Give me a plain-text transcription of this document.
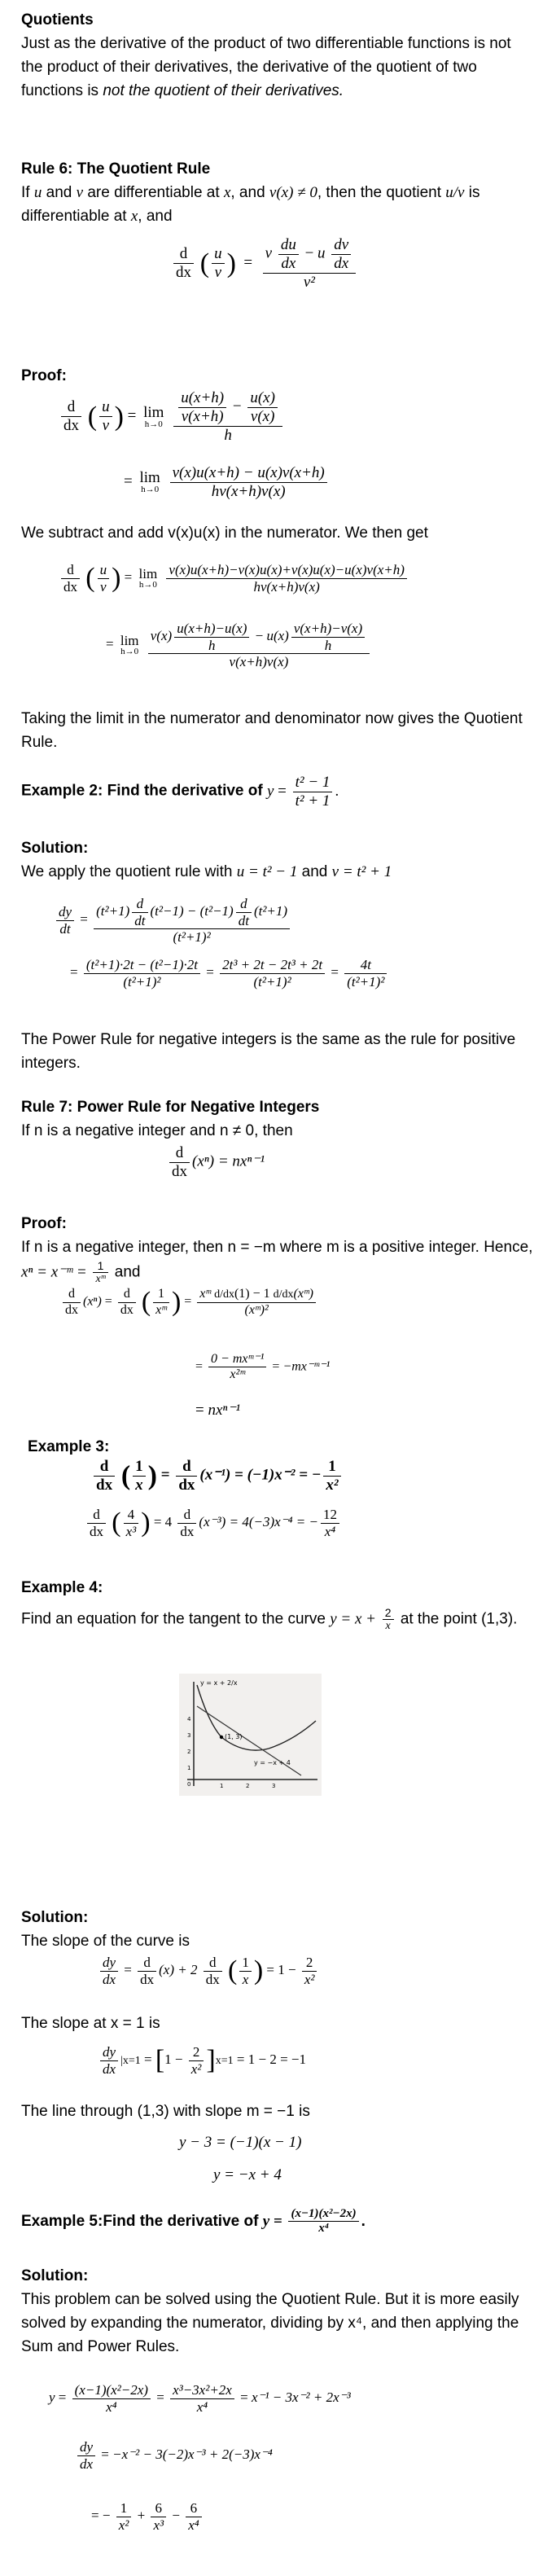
Quotients
Just as the derivative of the product of two differentiable functions is not the product of their derivatives, the derivative of the quotient of two functions is not the quotient of their derivatives.
Rule 6: The Quotient Rule
If u and v are differentiable at x, and v(x) ≠ 0, then the quotient u/v is differentiable at x, and
$\frac{d}{dx}$ ( $\frac{u}{v}$ )  =
v $\frac{du}{dx} - u \frac{dv}{dx}$
v²
Proof:
$\frac{d}{dx}$ ( $\frac{u}{v}$ ) = lim
h→0
$\frac{\frac{u(x+h)}{v(x+h)} - \frac{u(x)}{v(x)}}{h}$
= lim
h→0
$\frac{v(x)u(x+h) - u(x)v(x+h)}{hv(x+h)v(x)}$
We subtract and add v(x)u(x) in the numerator. We then get
$\frac{d}{dx}$ ( $\frac{u}{v}$ ) = lim
h→0
$\frac{v(x)u(x+h)-v(x)u(x)+v(x)u(x)-u(x)v(x+h)}{hv(x+h)v(x)}$
= lim
h→0
$\frac{v(x) \frac{u(x+h)-u(x)}{h} - u(x) \frac{v(x+h)-v(x)}{h}}{v(x+h)v(x)}$
Taking the limit in the numerator and denominator now gives the Quotient Rule.
Example 2: Find the derivative of $y = \frac{\text{t² − 1}}{\text{t² + 1}}$ .
Solution:
We apply the quotient rule with u = t² − 1 and v = t² + 1
$\frac{dy}{dt}$ =
$(t^2+1) \frac{d}{dt} (t^2-1) - (t^2-1) \frac{d}{dt} (t^2+1)$
(t²+1)²
= $\frac{\text{(t²+1)·2t − (t²−1)·2t}}{\text{(t²+1)²}} = \frac{\text{2t³ + 2t − 2t³ + 2t}}{\text{(t²+1)²}} = \frac{4t}{\text{(t²+1)²}}$
The Power Rule for negative integers is the same as the rule for positive integers.
Rule 7: Power Rule for Negative Integers
If n is a negative integer and n ≠ 0, then
$\frac{d}{dx} (x^n) = nx^{n-1}$
Proof:
If n is a negative integer, then n = −m where m is a positive integer. Hence, xⁿ = x⁻ᵐ = $\frac{1}{\text{xᵐ}}$ and
$\frac{d}{dx} (x^n) = \frac{d}{dx}$ ( $\frac{1}{\text{xᵐ}}$ ) = $\frac{\text{xᵐ d/dx(1) − 1 d/dx(xᵐ)}}{\text{(xᵐ)²}}$
=
0 − mxᵐ⁻¹
x²ᵐ
= −mx⁻ᵐ⁻¹
= nxⁿ⁻¹
Example 3:
$\frac{d}{dx}$ ( $\frac{1}{x}$ ) = $\frac{d}{dx} (x^{-1}) = (-1)x^{-2}$ = − $\frac{1}{\text{x²}}$
$\frac{d}{dx}$ ( $\frac{4}{\text{x³}}$ ) = $4 \frac{d}{dx} (x^{-3}) = 4(-3)x^{-4}$ = − $\frac{12}{\text{x⁴}}$
Example 4:
Find an equation for the tangent to the curve $y = x + \frac{2}{x}$ at the point (1,3).
y = x + 2/x
(1, 3)
y = −x + 4
4
3
2
1
0	1	2	3
Solution:
The slope of the curve is
$\frac{dy}{dx} = \frac{d}{dx} (x) + 2 \frac{d}{dx}$ ( $\frac{1}{x}$ ) = $1 - \frac{2}{\text{x²}}$
The slope at x = 1 is
$\frac{dy}{dx} |x=1 = [1 - \frac{2}{\text{x²}} ]x=1 = 1 - 2 = -1$
The line through (1,3) with slope m = −1 is
y − 3 = (−1)(x − 1)
y = −x + 4
Example 5:Find the derivative of $y = \frac{\text{(x−1)(x²−2x)}}{\text{x⁴}}$ .
Solution:
This problem can be solved using the Quotient Rule. But it is more easily solved by expanding the numerator, dividing by x⁴, and then applying the Sum and Power Rules.
$y = \frac{\text{(x−1)(x²−2x)}}{\text{x⁴}} = \frac{\text{x³−3x²+2x}}{\text{x⁴}} = x^{-1} - 3x^{-2} + 2x^{-3}$
$\frac{dy}{dx} = -x^{-2} - 3(-2)x^{-3} + 2(-3)x^{-4}$
= − $\frac{1}{\text{x²}} + \frac{6}{\text{x³}} - \frac{6}{\text{x⁴}}$
